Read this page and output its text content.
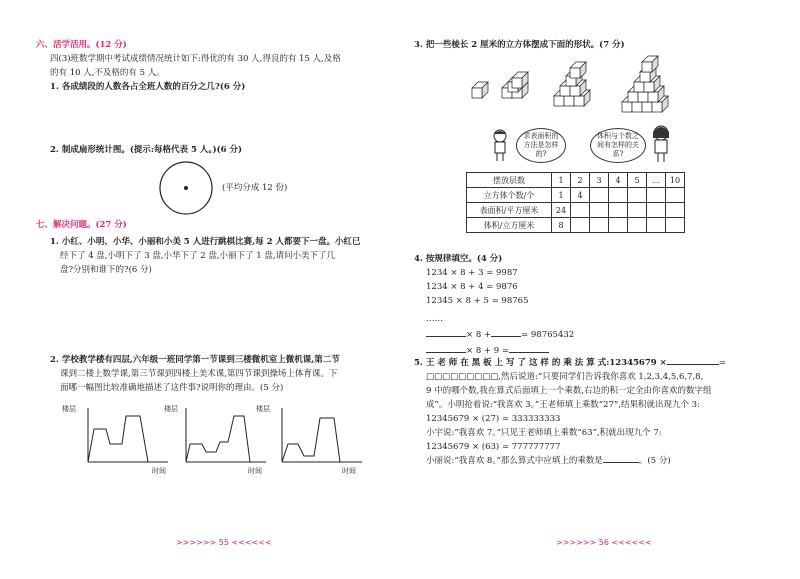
六、活学活用。(12 分)
四(3)班数学期中考试成绩情况统计如下:得优的有 30 人,得良的有 15 人,及格
的有 10 人,不及格的有 5 人。
1. 各成绩段的人数各占全班人数的百分之几?(6 分)
2. 制成扇形统计图。(提示:每格代表 5 人。)(6 分)
(平均分成 12 份)
七、解决问题。(27 分)
1. 小红、小明、小华、小丽和小美 5 人进行跳棋比赛,每 2 人都要下一盘。小红已
经下了 4 盘,小明下了 3 盘,小华下了 2 盘,小丽下了 1 盘,请问小美下了几
盘?分别和谁下的?(6 分)
2. 学校教学楼有四层,六年级一班同学第一节课到三楼微机室上微机课,第二节
课到二楼上数学课,第三节课到四楼上美术课,第四节课到操场上体育课。下
面哪一幅图比较准确地描述了这件事?说明你的理由。(5 分)
楼层	楼层	楼层
时间	时间	时间
>>>>>> 55 <<<<<<
3. 把一些棱长 2 厘米的立方体摆成下面的形状。(7 分)
求表面积的方法是怎样的?
体积与个数之间有怎样的关系?
摆放层数	1	2	3	4	5	…	10
立方体个数/个	1	4					
表面积/平方厘米	24						
体积/立方厘米	8						
4. 按规律填空。(4 分)
1234 × 8 + 3 = 9987
1234 × 8 + 4 = 9876
12345 × 8 + 5 = 98765
……
× 8 +	= 98765432
× 8 + 9 =
5. 王 老 师 在 黑 板 上 写 了 这 样 的 乘 法 算 式:12345679 ×	=
□□□□□□□□□,然后说道:“只要同学们告诉我你喜欢 1,2,3,4,5,6,7,8,
9 中的哪个数,我在算式后面填上一个乘数,右边的积一定全由你喜欢的数字组
成”。小明抢着说:“我喜欢 3。”王老师填上乘数“27”,结果积就出现九个 3:
12345679 × (27) = 333333333
小宇说:“我喜欢 7。”只见王老师填上乘数“63”,积就出现九个 7:
12345679 × (63) = 777777777
小丽说:“我喜欢 8。”那么算式中应填上的乘数是	。(5 分)
>>>>>> 56 <<<<<<
